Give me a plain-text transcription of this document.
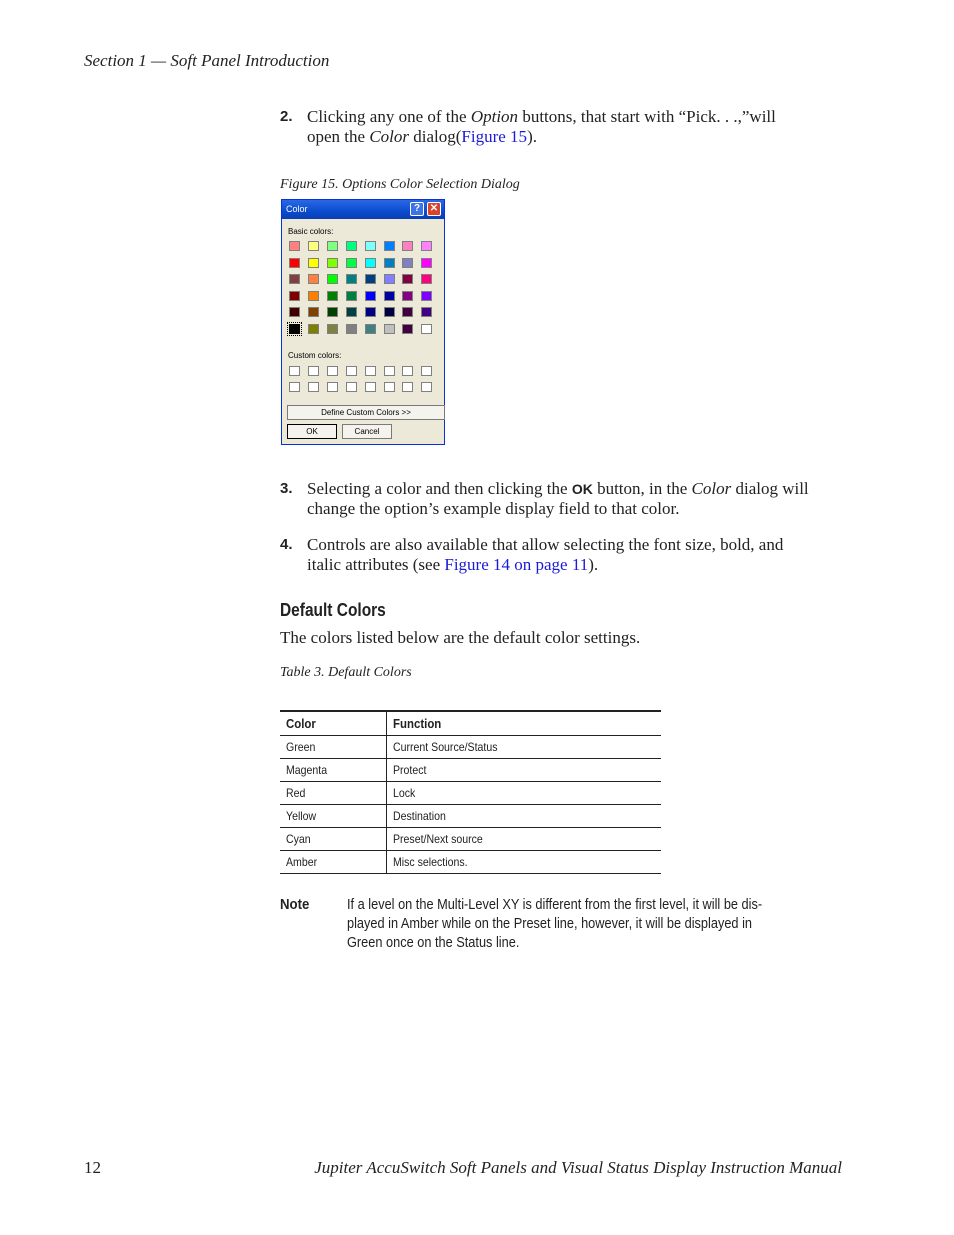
Section 1 — Soft Panel Introduction
2. Clicking any one of the Option buttons, that start with “Pick. . .,”will
open the Color dialog(Figure 15).
Figure 15. Options Color Selection Dialog
Color	? ✕
Basic colors:
Custom colors:
Define Custom Colors >>
OK	Cancel
3. Selecting a color and then clicking the OK button, in the Color dialog will
change the option’s example display field to that color.
4. Controls are also available that allow selecting the font size, bold, and
italic attributes (see Figure 14 on page 11).
Default Colors
The colors listed below are the default color settings.
Table 3. Default Colors
Color	Function
Green	Current Source/Status
Magenta	Protect
Red	Lock
Yellow	Destination
Cyan	Preset/Next source
Amber	Misc selections.
Note	If a level on the Multi-Level XY is different from the first level, it will be dis-
played in Amber while on the Preset line, however, it will be displayed in
Green once on the Status line.
12	Jupiter AccuSwitch Soft Panels and Visual Status Display Instruction Manual
